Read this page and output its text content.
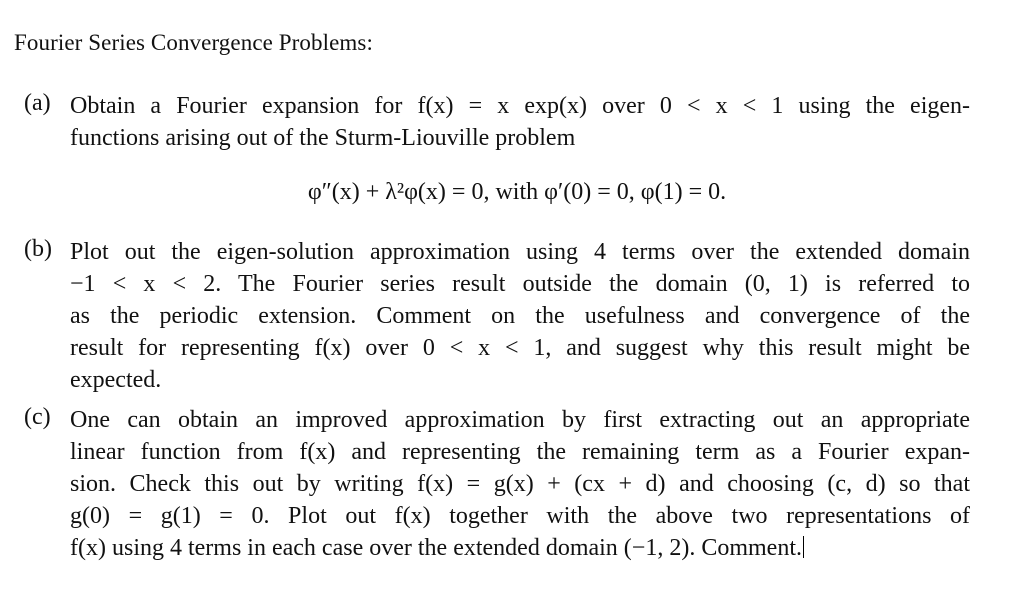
Fourier Series Convergence Problems:
(a) Obtain a Fourier expansion for f(x) = x exp(x) over 0 < x < 1 using the eigen-
functions arising out of the Sturm-Liouville problem
φ″(x) + λ²φ(x) = 0, with φ′(0) = 0, φ(1) = 0.
(b) Plot out the eigen-solution approximation using 4 terms over the extended domain
−1 < x < 2. The Fourier series result outside the domain (0, 1) is referred to
as the periodic extension. Comment on the usefulness and convergence of the
result for representing f(x) over 0 < x < 1, and suggest why this result might be
expected.
(c) One can obtain an improved approximation by first extracting out an appropriate
linear function from f(x) and representing the remaining term as a Fourier expan-
sion. Check this out by writing f(x) = g(x) + (cx + d) and choosing (c, d) so that
g(0) = g(1) = 0. Plot out f(x) together with the above two representations of
f(x) using 4 terms in each case over the extended domain (−1, 2). Comment.
